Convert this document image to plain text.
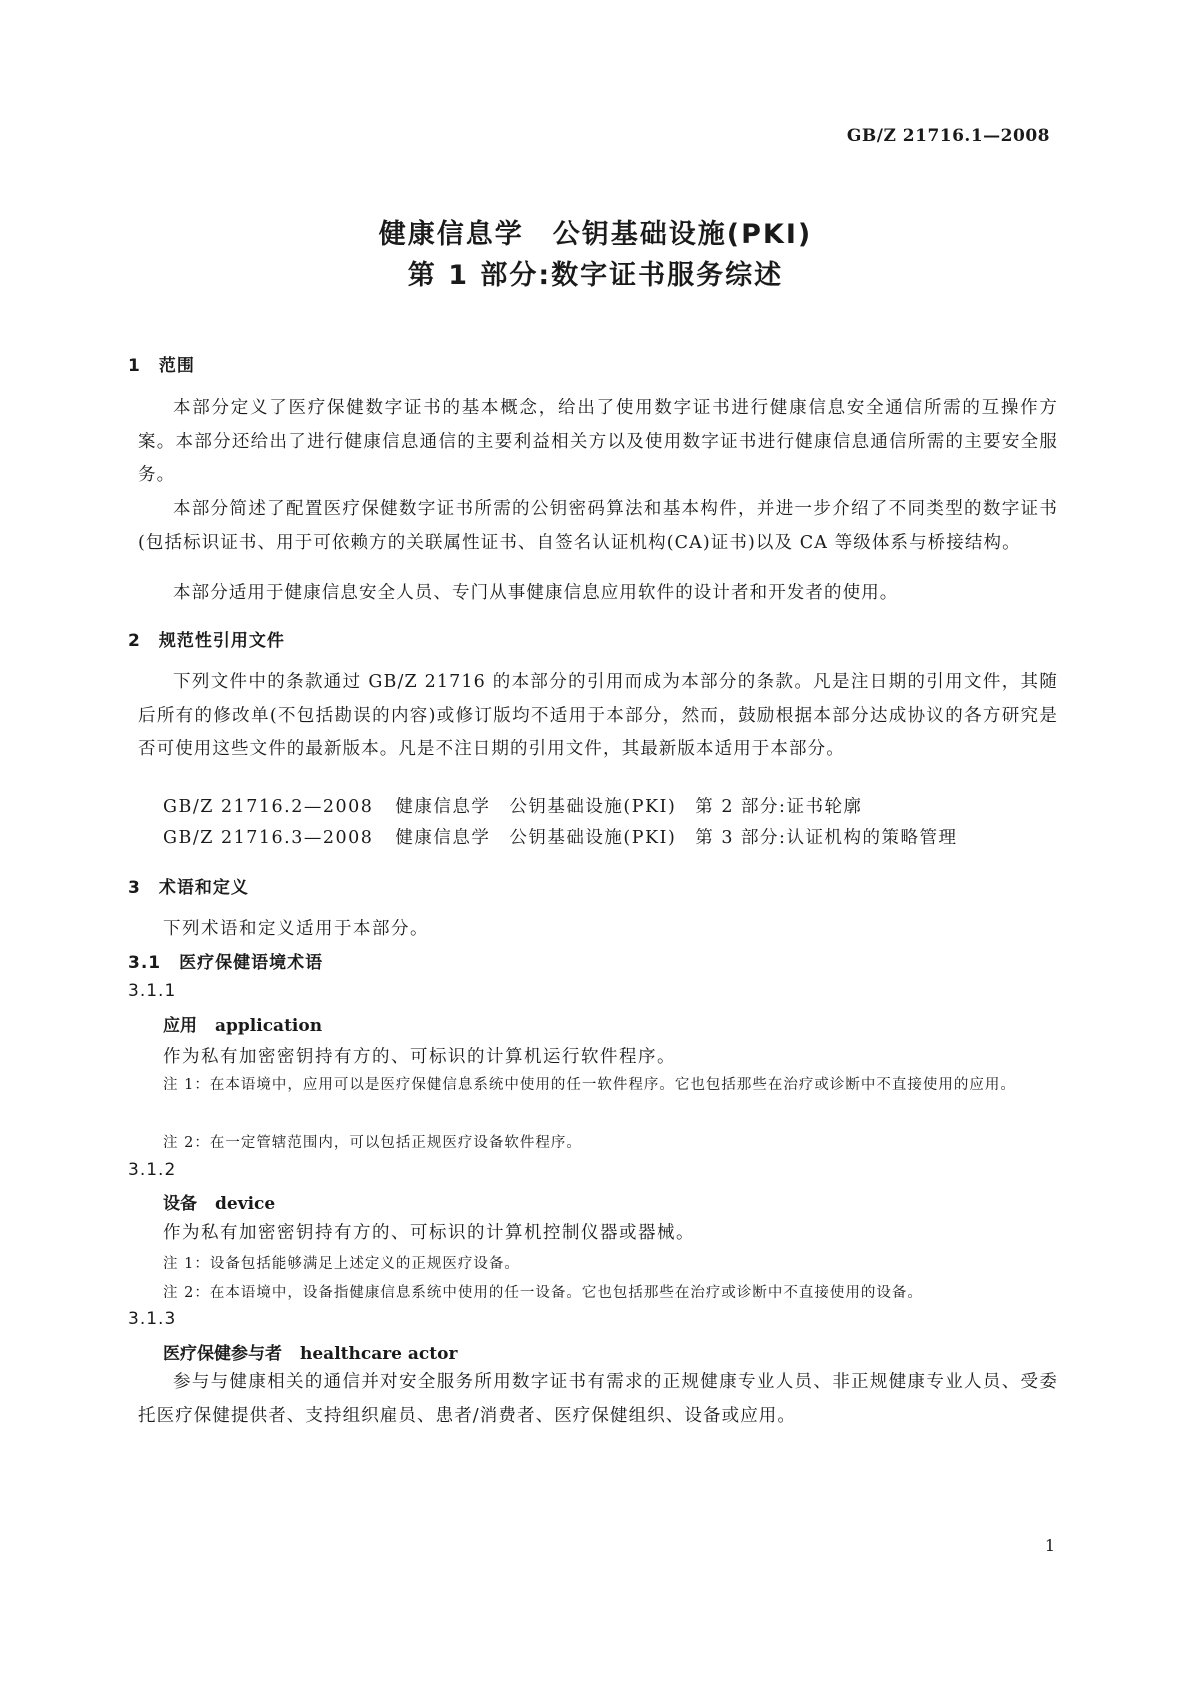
GB/Z 21716.1—2008
健康信息学　公钥基础设施(PKI)
第 1 部分:数字证书服务综述
1　范围
本部分定义了医疗保健数字证书的基本概念，给出了使用数字证书进行健康信息安全通信所需的互操作方案。本部分还给出了进行健康信息通信的主要利益相关方以及使用数字证书进行健康信息通信所需的主要安全服务。
本部分简述了配置医疗保健数字证书所需的公钥密码算法和基本构件，并进一步介绍了不同类型的数字证书(包括标识证书、用于可依赖方的关联属性证书、自签名认证机构(CA)证书)以及 CA 等级体系与桥接结构。
本部分适用于健康信息安全人员、专门从事健康信息应用软件的设计者和开发者的使用。
2　规范性引用文件
下列文件中的条款通过 GB/Z 21716 的本部分的引用而成为本部分的条款。凡是注日期的引用文件，其随后所有的修改单(不包括勘误的内容)或修订版均不适用于本部分，然而，鼓励根据本部分达成协议的各方研究是否可使用这些文件的最新版本。凡是不注日期的引用文件，其最新版本适用于本部分。
GB/Z 21716.2—2008 健康信息学　公钥基础设施(PKI)　第 2 部分:证书轮廓
GB/Z 21716.3—2008 健康信息学　公钥基础设施(PKI)　第 3 部分:认证机构的策略管理
3　术语和定义
下列术语和定义适用于本部分。
3.1　医疗保健语境术语
3.1.1
应用 application
作为私有加密密钥持有方的、可标识的计算机运行软件程序。
注 1：在本语境中，应用可以是医疗保健信息系统中使用的任一软件程序。它也包括那些在治疗或诊断中不直接使用的应用。
注 2：在一定管辖范围内，可以包括正规医疗设备软件程序。
3.1.2
设备 device
作为私有加密密钥持有方的、可标识的计算机控制仪器或器械。
注 1：设备包括能够满足上述定义的正规医疗设备。
注 2：在本语境中，设备指健康信息系统中使用的任一设备。它也包括那些在治疗或诊断中不直接使用的设备。
3.1.3
医疗保健参与者 healthcare actor
参与与健康相关的通信并对安全服务所用数字证书有需求的正规健康专业人员、非正规健康专业人员、受委托医疗保健提供者、支持组织雇员、患者/消费者、医疗保健组织、设备或应用。
1
